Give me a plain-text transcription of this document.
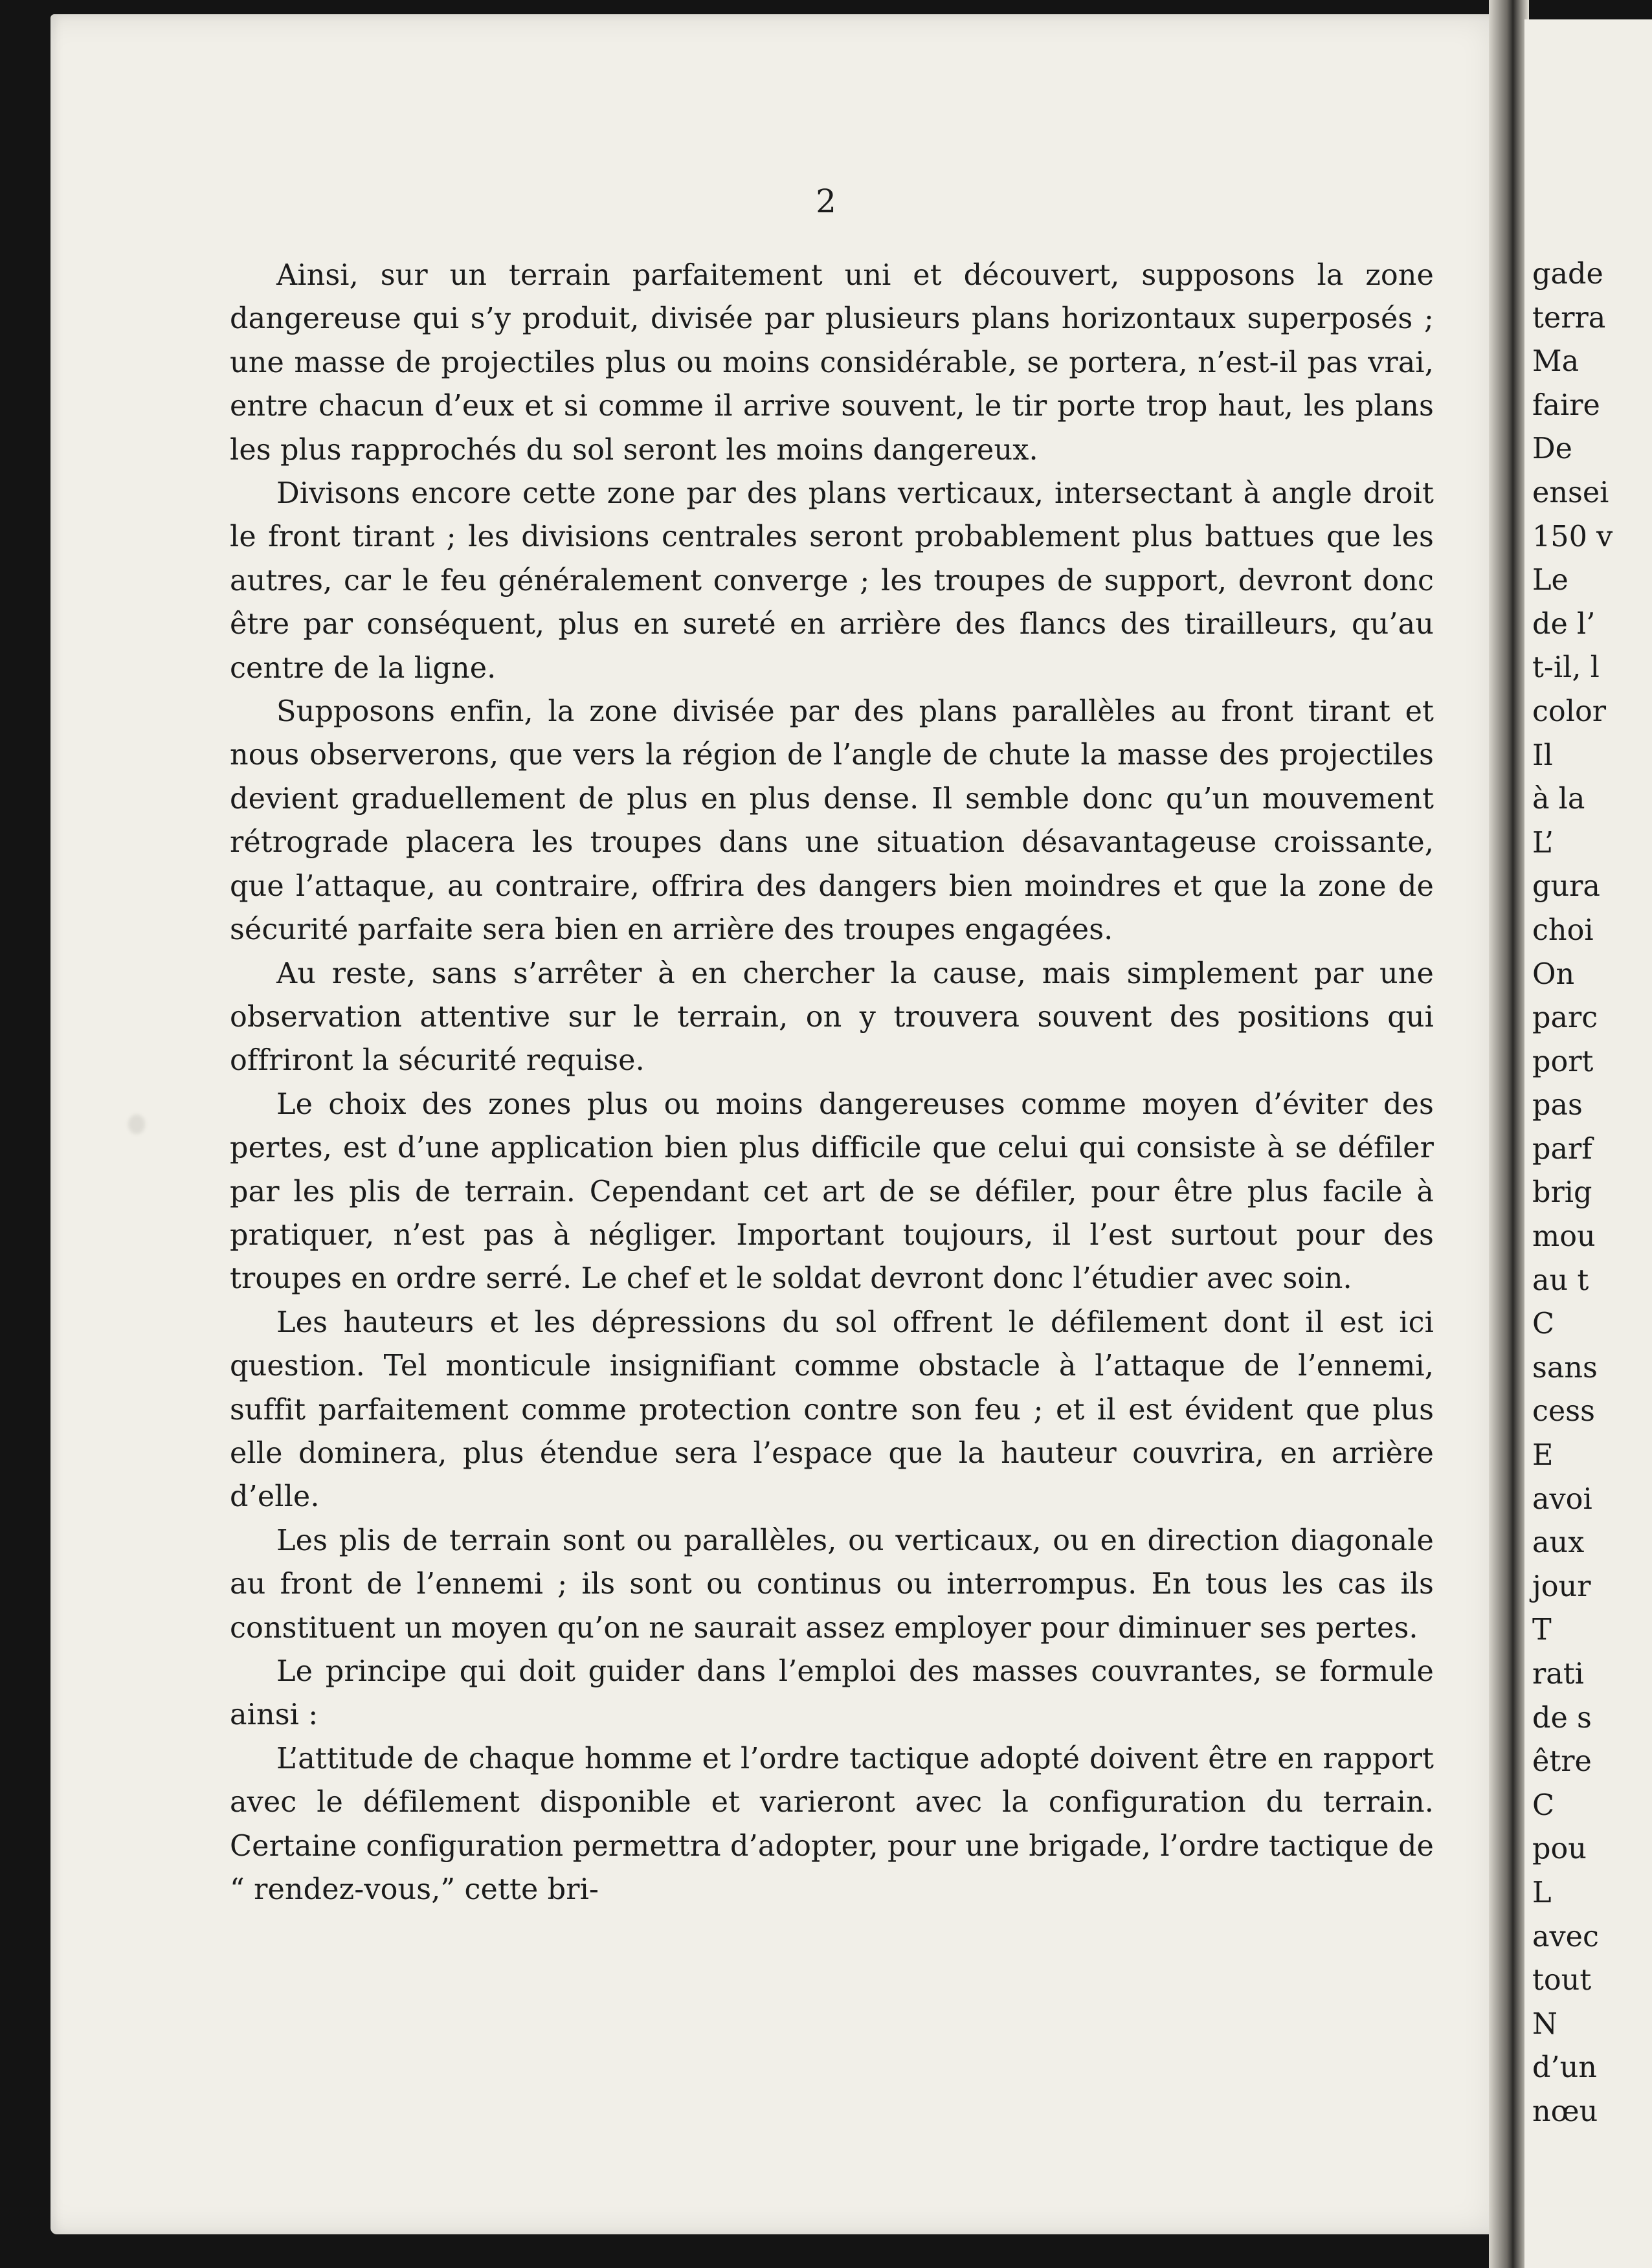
gade
terra
Ma
faire
De
ensei
150 v
Le
de l’
t-il, l
color
Il
à la
L’
gura
choi
On
parc
port
pas
parf
brig
mou
au t
C
sans
cess
E
avoi
aux
jour
T
rati
de s
être
C
pou
L
avec
tout
N
d’un
nœu
2

Ainsi, sur un terrain parfaitement uni et découvert, supposons la zone dangereuse qui s’y produit, divisée par plusieurs plans horizontaux superposés ; une masse de projectiles plus ou moins considérable, se portera, n’est-il pas vrai, entre chacun d’eux et si comme il arrive souvent, le tir porte trop haut, les plans les plus rapprochés du sol seront les moins dangereux.

Divisons encore cette zone par des plans verticaux, intersectant à angle droit le front tirant ; les divisions centrales seront probablement plus battues que les autres, car le feu généralement converge ; les troupes de support, devront donc être par conséquent, plus en sureté en arrière des flancs des tirailleurs, qu’au centre de la ligne.

Supposons enfin, la zone divisée par des plans parallèles au front tirant et nous observerons, que vers la région de l’angle de chute la masse des projectiles devient graduellement de plus en plus dense. Il semble donc qu’un mouvement rétrograde placera les troupes dans une situation désavantageuse croissante, que l’attaque, au contraire, offrira des dangers bien moindres et que la zone de sécurité parfaite sera bien en arrière des troupes engagées.

Au reste, sans s’arrêter à en chercher la cause, mais simplement par une observation attentive sur le terrain, on y trouvera souvent des positions qui offriront la sécurité requise.

Le choix des zones plus ou moins dangereuses comme moyen d’éviter des pertes, est d’une application bien plus difficile que celui qui consiste à se défiler par les plis de terrain. Cependant cet art de se défiler, pour être plus facile à pratiquer, n’est pas à négliger. Important toujours, il l’est surtout pour des troupes en ordre serré. Le chef et le soldat devront donc l’étudier avec soin.

Les hauteurs et les dépressions du sol offrent le défilement dont il est ici question. Tel monticule insignifiant comme obstacle à l’attaque de l’ennemi, suffit parfaitement comme protection contre son feu ; et il est évident que plus elle dominera, plus étendue sera l’espace que la hauteur couvrira, en arrière d’elle.

Les plis de terrain sont ou parallèles, ou verticaux, ou en direction diagonale au front de l’ennemi ; ils sont ou continus ou interrompus. En tous les cas ils constituent un moyen qu’on ne saurait assez employer pour diminuer ses pertes.

Le principe qui doit guider dans l’emploi des masses couvrantes, se formule ainsi :

L’attitude de chaque homme et l’ordre tactique adopté doivent être en rapport avec le défilement disponible et varieront avec la configuration du terrain. Certaine configuration permettra d’adopter, pour une brigade, l’ordre tactique de “ rendez-vous,” cette bri-
